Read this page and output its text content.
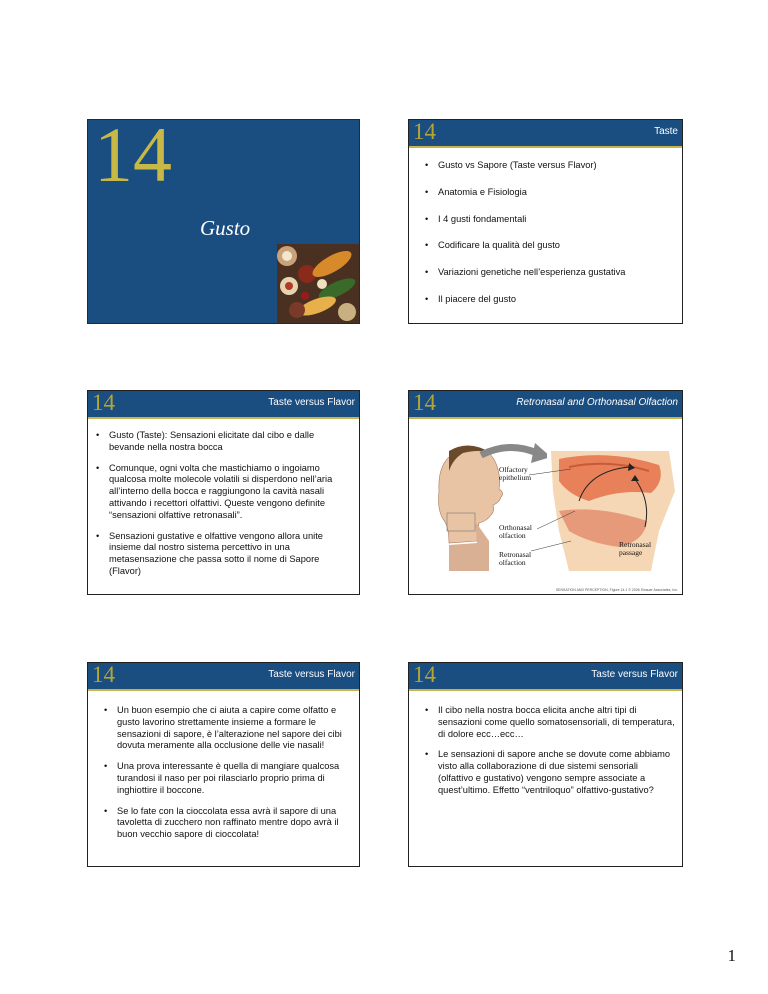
14
Gusto
14	Taste
• Gusto vs Sapore (Taste versus Flavor)
• Anatomia e Fisiologia
• I 4 gusti fondamentali
• Codificare la qualità del gusto
• Variazioni genetiche nell’esperienza gustativa
• Il piacere del gusto
14	Taste versus Flavor
• Gusto (Taste): Sensazioni elicitate dal cibo e dalle bevande nella nostra bocca
• Comunque, ogni volta che mastichiamo o ingoiamo qualcosa molte molecole volatili si disperdono nell’aria all’interno della bocca e raggiungono la cavità nasali attivando i recettori olfattivi. Queste vengono definite “sensazioni olfattive retronasali”.
• Sensazioni gustative e olfattive vengono allora unite insieme dal nostro sistema percettivo in una metasensazione che passa sotto il nome di Sapore (Flavor)
14	Retronasal and Orthonasal Olfaction
Olfactory
epithelium
Orthonasal
olfaction
Retronasal
olfaction
Retronasal
passage
SENSATION AND PERCEPTION, Figure 14.1 © 2006 Sinauer Associates, Inc.
14	Taste versus Flavor
• Un buon esempio che ci aiuta a capire come olfatto e gusto lavorino strettamente insieme a formare le sensazioni di sapore, è l’alterazione nel sapore dei cibi dovuta meramente alla occlusione delle vie nasali!
• Una prova interessante è quella di mangiare qualcosa turandosi il naso per poi rilasciarlo proprio prima di inghiottire il boccone.
• Se lo fate con la cioccolata essa avrà il sapore di una tavoletta di zucchero non raffinato mentre dopo avrà il buon vecchio sapore di cioccolata!
14	Taste versus Flavor
• Il cibo nella nostra bocca elicita anche altri tipi di sensazioni come quello somatosensoriali, di temperatura, di dolore ecc…ecc…
• Le sensazioni di sapore anche se dovute come abbiamo visto alla collaborazione di due sistemi sensoriali (olfattivo e gustativo) vengono sempre associate a quest’ultimo. Effetto “ventriloquo” olfattivo-gustativo?
1
